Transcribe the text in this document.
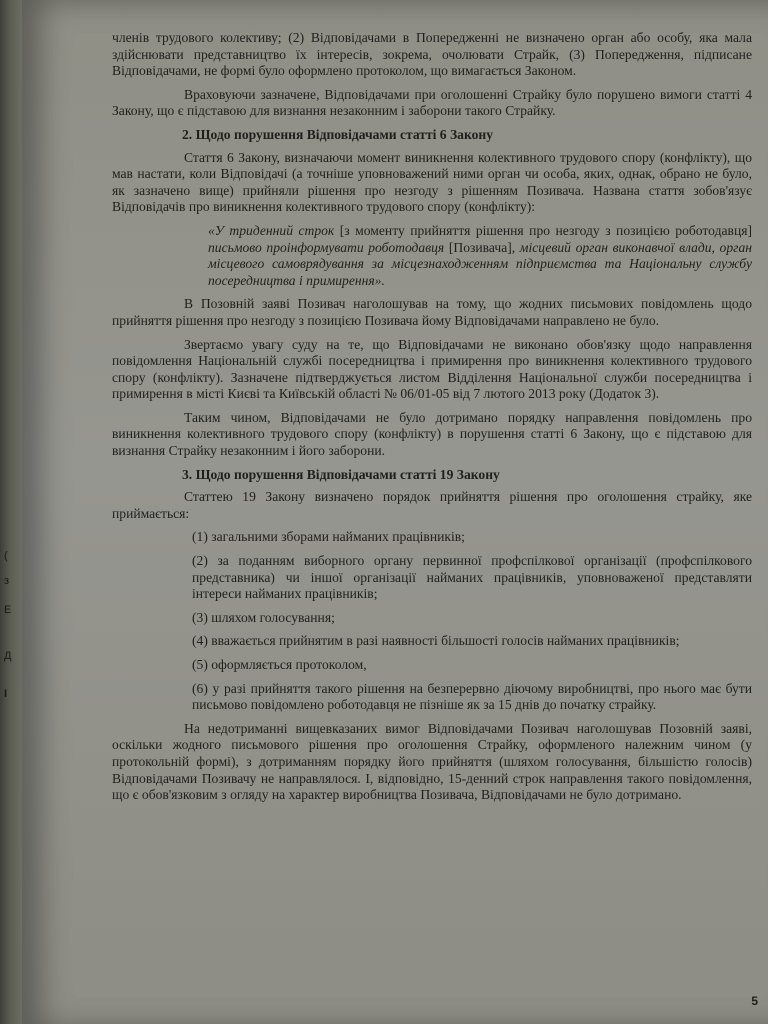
членів трудового колективу; (2) Відповідачами в Попередженні не визначено орган або особу, яка мала здійснювати представництво їх інтересів, зокрема, очолювати Страйк, (3) Попередження, підписане Відповідачами, не формі було оформлено протоколом, що вимагається Законом.

Враховуючи зазначене, Відповідачами при оголошенні Страйку було порушено вимоги статті 4 Закону, що є підставою для визнання незаконним і заборони такого Страйку.

2. Щодо порушення Відповідачами статті 6 Закону

Стаття 6 Закону, визначаючи момент виникнення колективного трудового спору (конфлікту), що мав настати, коли Відповідачі (а точніше уповноважений ними орган чи особа, яких, однак, обрано не було, як зазначено вище) прийняли рішення про незгоду з рішенням Позивача. Названа стаття зобов'язує Відповідачів про виникнення колективного трудового спору (конфлікту):

«У триденний строк [з моменту прийняття рішення про незгоду з позицією роботодавця] письмово проінформувати роботодавця [Позивача], місцевий орган виконавчої влади, орган місцевого самоврядування за місцезнаходженням підприємства та Національну службу посередництва і примирення».

В Позовній заяві Позивач наголошував на тому, що жодних письмових повідомлень щодо прийняття рішення про незгоду з позицією Позивача йому Відповідачами направлено не було.

Звертаємо увагу суду на те, що Відповідачами не виконано обов'язку щодо направлення повідомлення Національній службі посередництва і примирення про виникнення колективного трудового спору (конфлікту). Зазначене підтверджується листом Відділення Національної служби посередництва і примирення в місті Києві та Київській області № 06/01-05 від 7 лютого 2013 року (Додаток 3).

Таким чином, Відповідачами не було дотримано порядку направлення повідомлень про виникнення колективного трудового спору (конфлікту) в порушення статті 6 Закону, що є підставою для визнання Страйку незаконним і його заборони.

3. Щодо порушення Відповідачами статті 19 Закону

Статтею 19 Закону визначено порядок прийняття рішення про оголошення страйку, яке приймається:

(1) загальними зборами найманих працівників;

(2) за поданням виборного органу первинної профспілкової організації (профспілкового представника) чи іншої організації найманих працівників, уповноваженої представляти інтереси найманих працівників;

(3) шляхом голосування;

(4) вважається прийнятим в разі наявності більшості голосів найманих працівників;

(5) оформляється протоколом,

(6) у разі прийняття такого рішення на безперервно діючому виробництві, про нього має бути письмово повідомлено роботодавця не пізніше як за 15 днів до початку страйку.

На недотриманні вищевказаних вимог Відповідачами Позивач наголошував Позовній заяві, оскільки жодного письмового рішення про оголошення Страйку, оформленого належним чином (у протокольній формі), з дотриманням порядку його прийняття (шляхом голосування, більшістю голосів) Відповідачами Позивачу не направлялося. І, відповідно, 15-денний строк направлення такого повідомлення, що є обов'язковим з огляду на характер виробництва Позивача, Відповідачами не було дотримано.

5
(
з
Е
Д
І
